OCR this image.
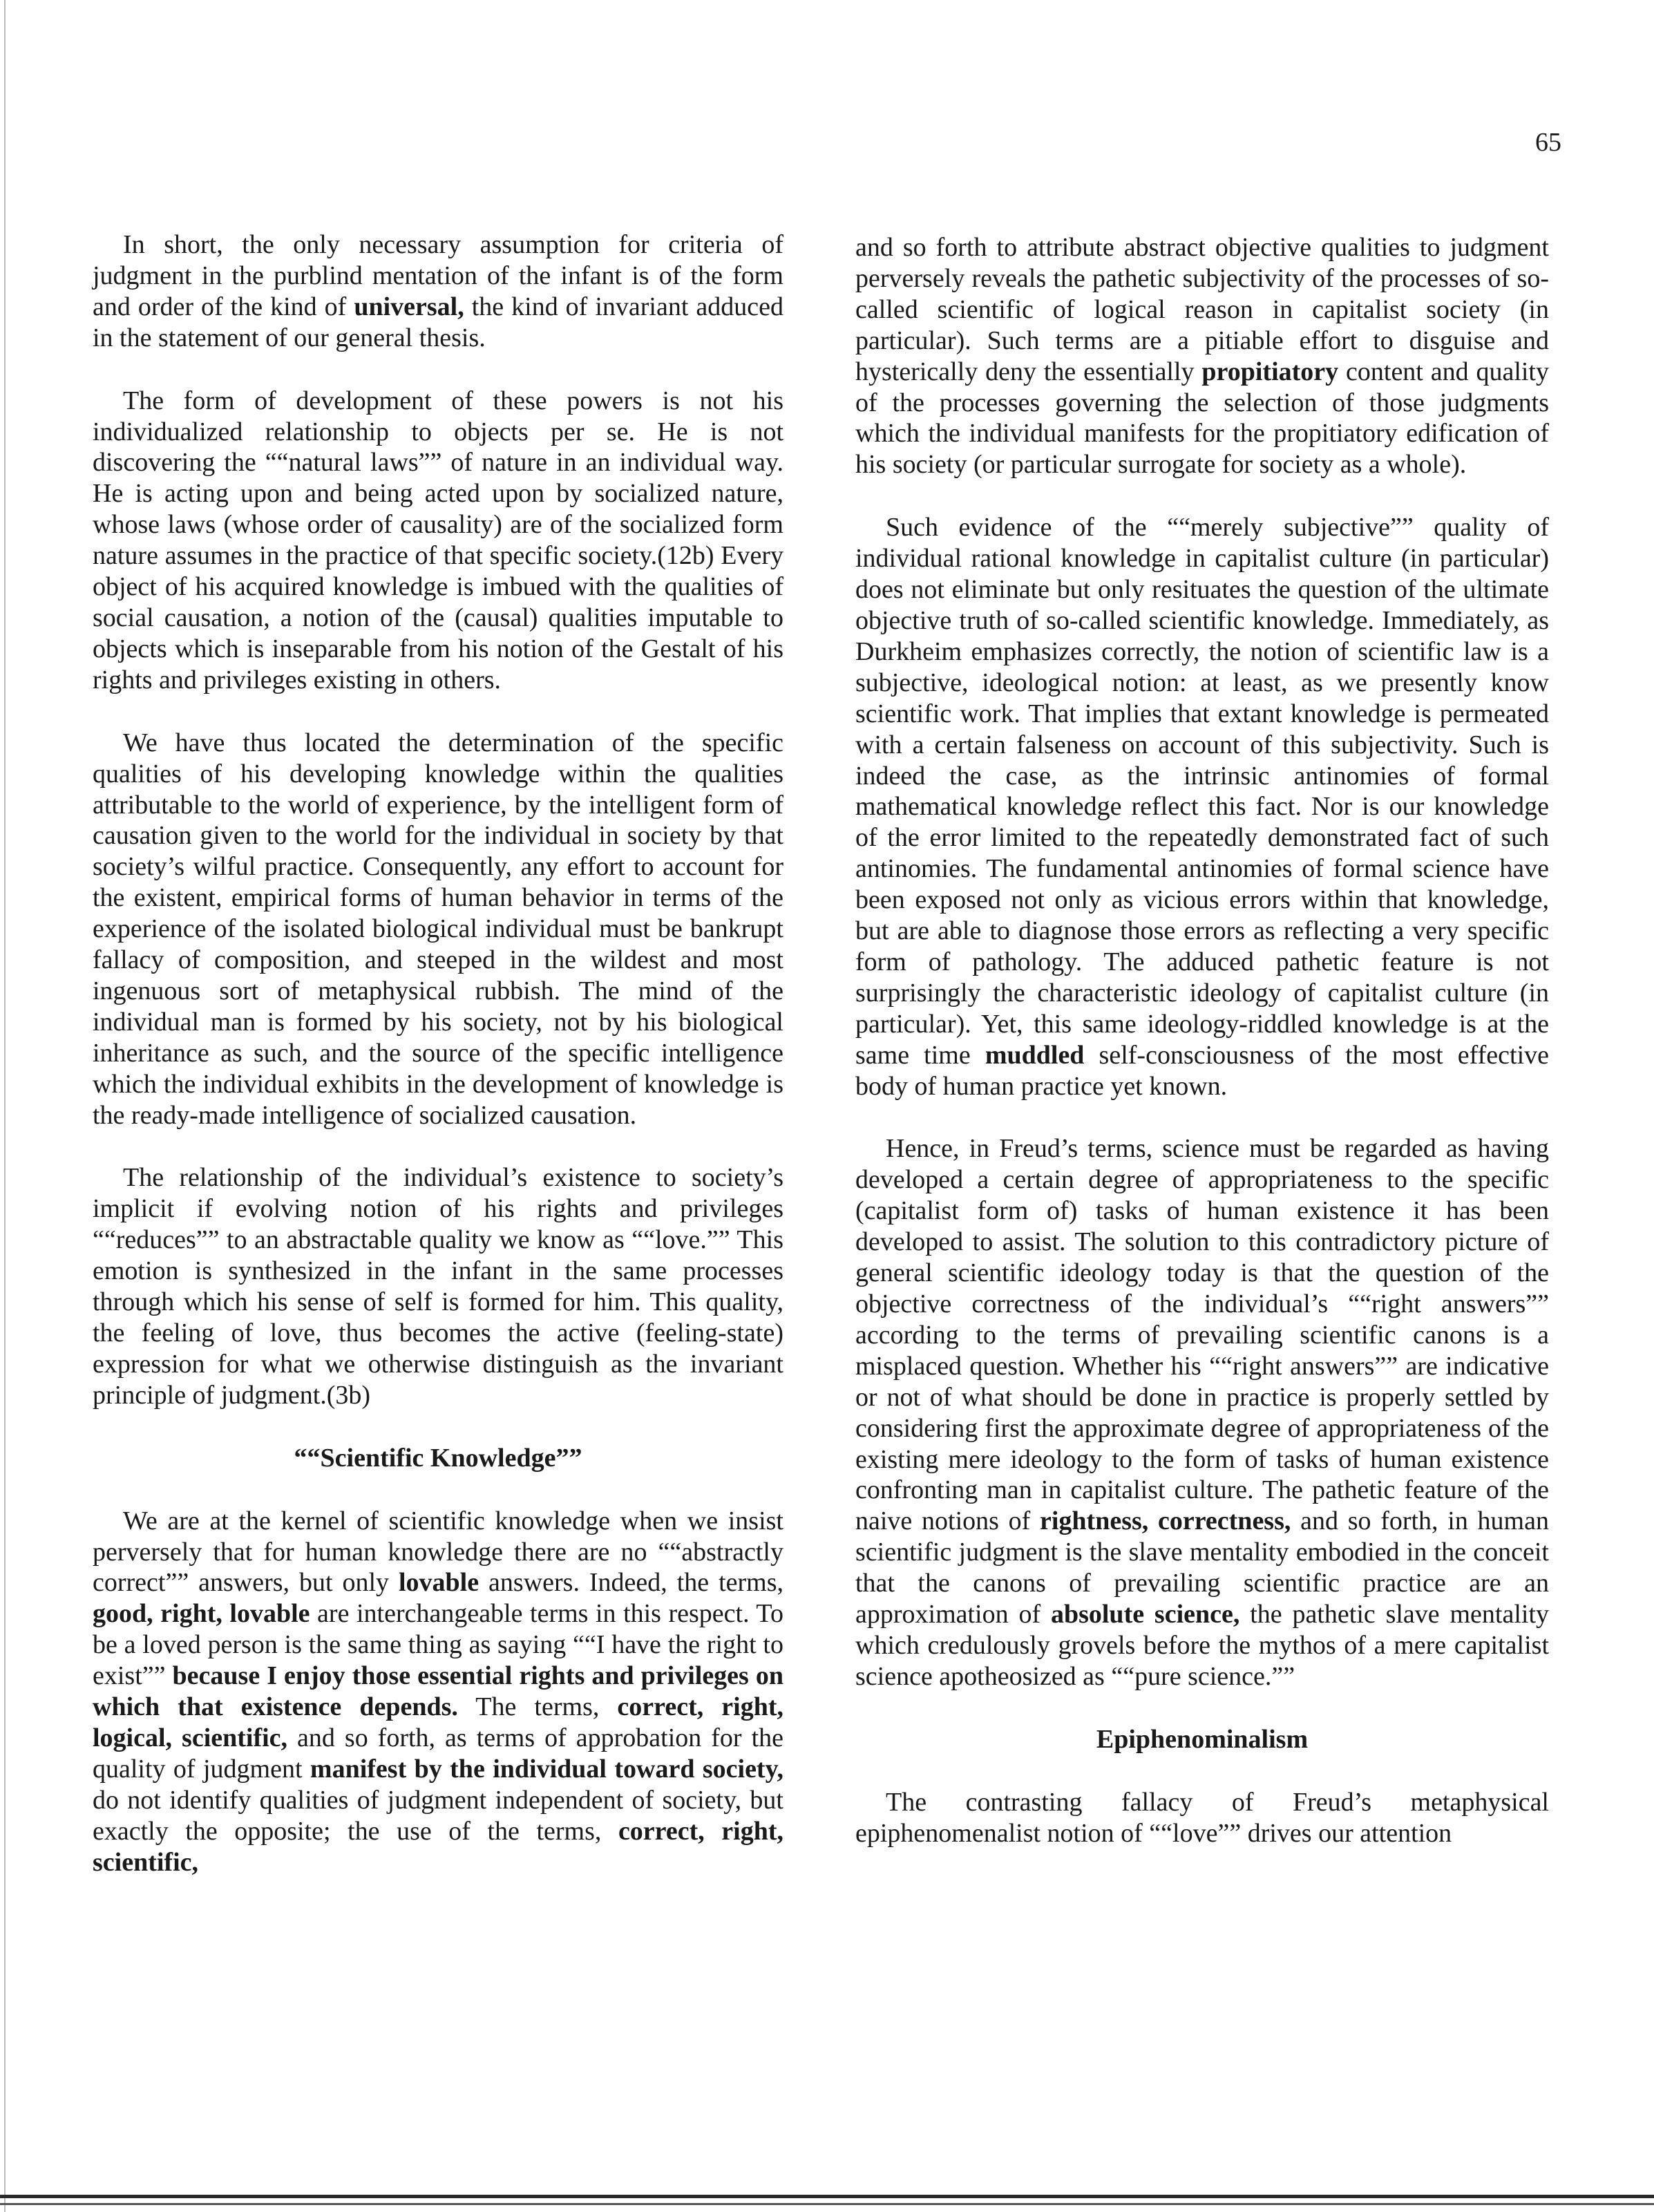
65

In short, the only necessary assumption for criteria of judgment in the purblind mentation of the infant is of the form and order of the kind of universal, the kind of invariant adduced in the statement of our general thesis.

The form of development of these powers is not his individualized relationship to objects per se. He is not discovering the ““natural laws”” of nature in an individual way. He is acting upon and being acted upon by socialized nature, whose laws (whose order of causality) are of the socialized form nature assumes in the practice of that specific society.(12b) Every object of his acquired knowledge is imbued with the qualities of social causation, a notion of the (causal) qualities imputable to objects which is inseparable from his notion of the Gestalt of his rights and privileges existing in others.

We have thus located the determination of the specific qualities of his developing knowledge within the qualities attributable to the world of experience, by the intelligent form of causation given to the world for the individual in society by that society’s wilful practice. Consequently, any effort to account for the existent, empirical forms of human behavior in terms of the experience of the isolated biological individual must be bankrupt fallacy of composition, and steeped in the wildest and most ingenuous sort of metaphysical rubbish. The mind of the individual man is formed by his society, not by his biological inheritance as such, and the source of the specific intelligence which the individual exhibits in the development of knowledge is the ready-made intelligence of socialized causation.

The relationship of the individual’s existence to society’s implicit if evolving notion of his rights and privileges ““reduces”” to an abstractable quality we know as ““love.”” This emotion is synthesized in the infant in the same processes through which his sense of self is formed for him. This quality, the feeling of love, thus becomes the active (feeling-state) expression for what we otherwise distinguish as the invariant principle of judgment.(3b)

““Scientific Knowledge””

We are at the kernel of scientific knowledge when we insist perversely that for human knowledge there are no ““abstractly correct”” answers, but only lovable answers. Indeed, the terms, good, right, lovable are interchangeable terms in this respect. To be a loved person is the same thing as saying ““I have the right to exist”” because I enjoy those essential rights and privileges on which that existence depends. The terms, correct, right, logical, scientific, and so forth, as terms of approbation for the quality of judgment manifest by the individual toward society, do not identify qualities of judgment independent of society, but exactly the opposite; the use of the terms, correct, right, scientific,

and so forth to attribute abstract objective qualities to judgment perversely reveals the pathetic subjectivity of the processes of so-called scientific of logical reason in capitalist society (in particular). Such terms are a pitiable effort to disguise and hysterically deny the essentially propitiatory content and quality of the processes governing the selection of those judgments which the individual manifests for the propitiatory edification of his society (or particular surrogate for society as a whole).

Such evidence of the ““merely subjective”” quality of individual rational knowledge in capitalist culture (in particular) does not eliminate but only resituates the question of the ultimate objective truth of so-called scientific knowledge. Immediately, as Durkheim emphasizes correctly, the notion of scientific law is a subjective, ideological notion: at least, as we presently know scientific work. That implies that extant knowledge is permeated with a certain falseness on account of this subjectivity. Such is indeed the case, as the intrinsic antinomies of formal mathematical knowledge reflect this fact. Nor is our knowledge of the error limited to the repeatedly demonstrated fact of such antinomies. The fundamental antinomies of formal science have been exposed not only as vicious errors within that knowledge, but are able to diagnose those errors as reflecting a very specific form of pathology. The adduced pathetic feature is not surprisingly the characteristic ideology of capitalist culture (in particular). Yet, this same ideology-riddled knowledge is at the same time muddled self-consciousness of the most effective body of human practice yet known.

Hence, in Freud’s terms, science must be regarded as having developed a certain degree of appropriateness to the specific (capitalist form of) tasks of human existence it has been developed to assist. The solution to this contradictory picture of general scientific ideology today is that the question of the objective correctness of the individual’s ““right answers”” according to the terms of prevailing scientific canons is a misplaced question. Whether his ““right answers”” are indicative or not of what should be done in practice is properly settled by considering first the approximate degree of appropriateness of the existing mere ideology to the form of tasks of human existence confronting man in capitalist culture. The pathetic feature of the naive notions of rightness, correctness, and so forth, in human scientific judgment is the slave mentality embodied in the conceit that the canons of prevailing scientific practice are an approximation of absolute science, the pathetic slave mentality which credulously grovels before the mythos of a mere capitalist science apotheosized as ““pure science.””

Epiphenominalism

The contrasting fallacy of Freud’s metaphysical epiphenomenalist notion of ““love”” drives our attention
